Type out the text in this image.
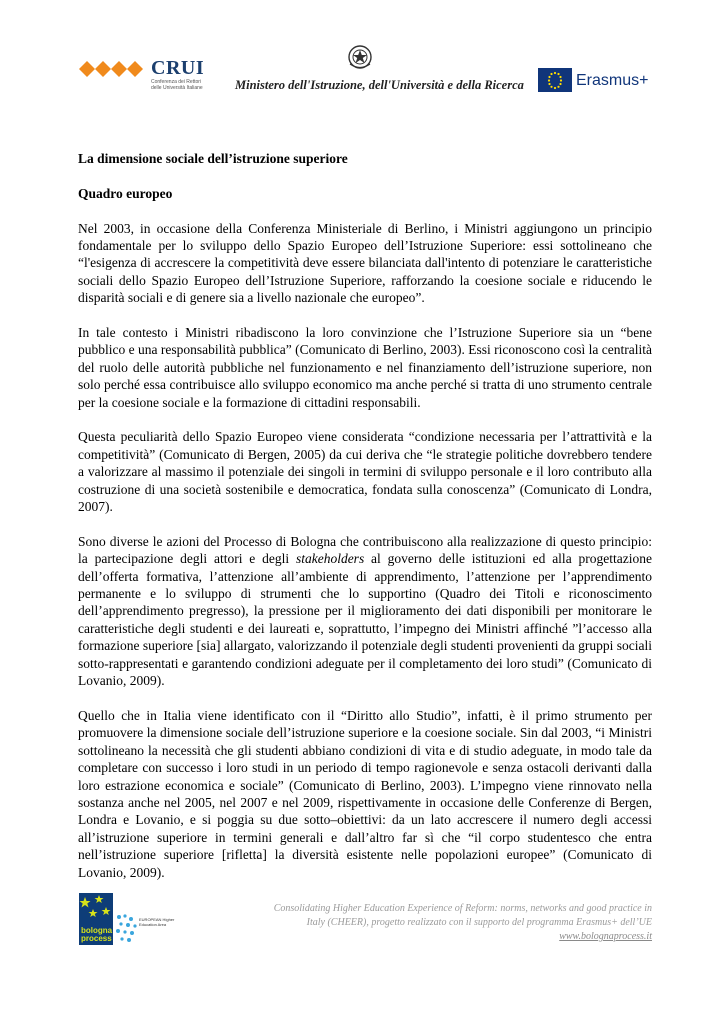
CRUI
Conferenza dei Rettori delle Università Italiane	Ministero dell'Istruzione, dell'Università e della Ricerca	Erasmus+
La dimensione sociale dell’istruzione superiore
Quadro europeo

Nel 2003, in occasione della Conferenza Ministeriale di Berlino, i Ministri aggiungono un principio fondamentale per lo sviluppo dello Spazio Europeo dell’Istruzione Superiore: essi sottolineano che “l'esigenza di accrescere la competitività deve essere bilanciata dall'intento di potenziare le caratteristiche sociali dello Spazio Europeo dell’Istruzione Superiore, rafforzando la coesione sociale e riducendo le disparità sociali e di genere sia a livello nazionale che europeo”.

In tale contesto i Ministri ribadiscono la loro convinzione che l’Istruzione Superiore sia un “bene pubblico e una responsabilità pubblica” (Comunicato di Berlino, 2003). Essi riconoscono così la centralità del ruolo delle autorità pubbliche nel funzionamento e nel finanziamento dell’istruzione superiore, non solo perché essa contribuisce allo sviluppo economico ma anche perché si tratta di uno strumento centrale per la coesione sociale e la formazione di cittadini responsabili.

Questa peculiarità dello Spazio Europeo viene considerata “condizione necessaria per l’attrattività e la competitività” (Comunicato di Bergen, 2005) da cui deriva che “le strategie politiche dovrebbero tendere a valorizzare al massimo il potenziale dei singoli in termini di sviluppo personale e il loro contributo alla costruzione di una società sostenibile e democratica, fondata sulla conoscenza” (Comunicato di Londra, 2007).

Sono diverse le azioni del Processo di Bologna che contribuiscono alla realizzazione di questo principio: la partecipazione degli attori e degli stakeholders al governo delle istituzioni ed alla progettazione dell’offerta formativa, l’attenzione all’ambiente di apprendimento, l’attenzione per l’apprendimento permanente e lo sviluppo di strumenti che lo supportino (Quadro dei Titoli e riconoscimento dell’apprendimento pregresso), la pressione per il miglioramento dei dati disponibili per monitorare le caratteristiche degli studenti e dei laureati e, soprattutto, l’impegno dei Ministri affinché ”l’accesso alla formazione superiore [sia] allargato, valorizzando il potenziale degli studenti provenienti da gruppi sociali sotto-rappresentati e garantendo condizioni adeguate per il completamento dei loro studi” (Comunicato di Lovanio, 2009).

Quello che in Italia viene identificato con il “Diritto allo Studio”, infatti, è il primo strumento per promuovere la dimensione sociale dell’istruzione superiore e la coesione sociale. Sin dal 2003, “i Ministri sottolineano la necessità che gli studenti abbiano condizioni di vita e di studio adeguate, in modo tale da completare con successo i loro studi in un periodo di tempo ragionevole e senza ostacoli derivanti dalla loro estrazione economica e sociale” (Comunicato di Berlino, 2003). L’impegno viene rinnovato nella sostanza anche nel 2005, nel 2007 e nel 2009, rispettivamente in occasione delle Conferenze di Bergen, Londra e Lovanio, e si poggia su due sotto–obiettivi: da un lato accrescere il numero degli accessi all’istruzione superiore in termini generali e dall’altro far sì che “il corpo studentesco che entra nell’istruzione superiore [rifletta] la diversità esistente nelle popolazioni europee” (Comunicato di Lovanio, 2009).

bologna
process
EUROPEAN Higher Education Area
Consolidating Higher Education Experience of Reform: norms, networks and good practice in
Italy (CHEER), progetto realizzato con il supporto del programma Erasmus+ dell’UE
www.bolognaprocess.it
